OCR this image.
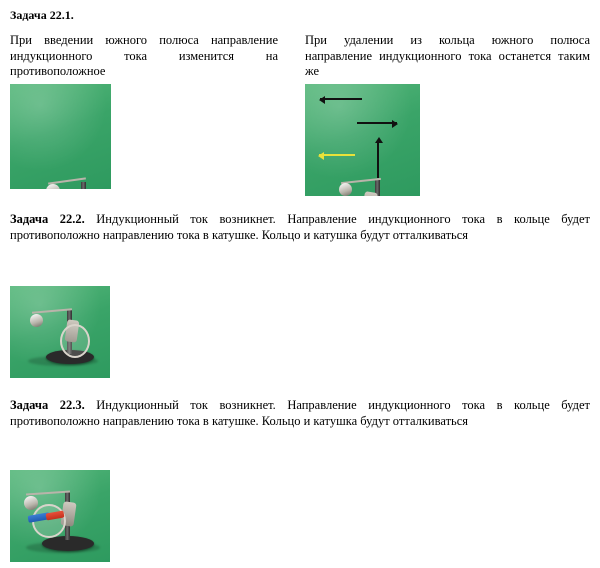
Задача 22.1.
При введении южного полюса направление индукционного тока изменится на противоположное
При удалении из кольца южного полюса направление индукционного тока останется таким же
Задача 22.2. Индукционный ток возникнет. Направление индукционного тока в кольце будет противоположно направлению тока в катушке. Кольцо и катушка будут отталкиваться
Задача 22.3. Индукционный ток возникнет. Направление индукционного тока в кольце будет противоположно направлению тока в катушке. Кольцо и катушка будут отталкиваться
